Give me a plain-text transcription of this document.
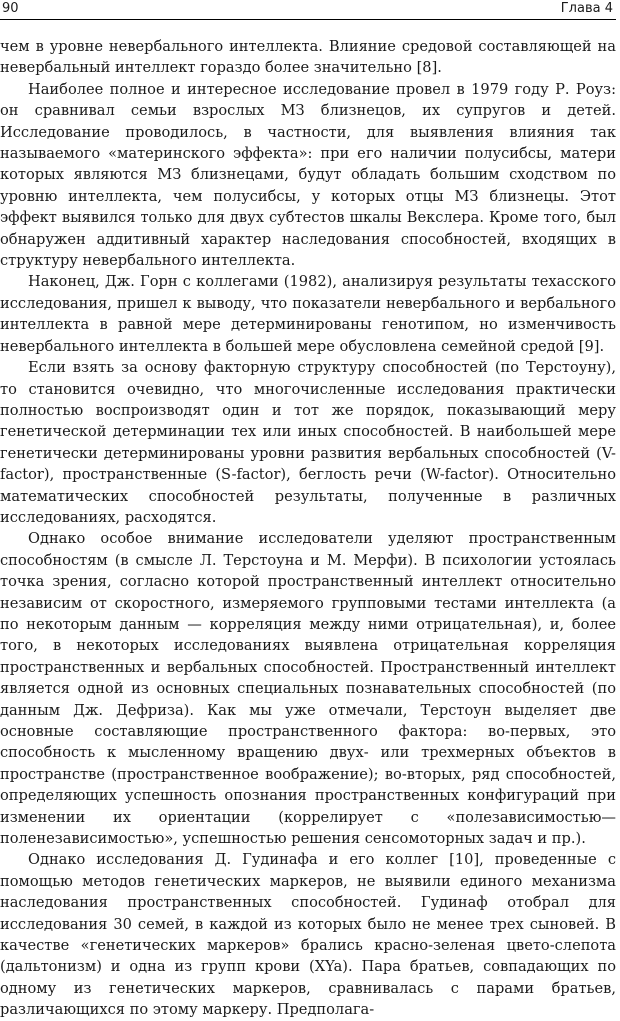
90	Глава 4

чем в уровне невербального интеллекта. Влияние средовой составляющей на невербальный интеллект гораздо более значительно [8].

Наиболее полное и интересное исследование провел в 1979 году Р. Роуз: он сравнивал семьи взрослых МЗ близнецов, их супругов и детей. Исследование проводилось, в частности, для выявления влияния так называемого «материнского эффекта»: при его наличии полусибсы, матери которых являются МЗ близнецами, будут обладать большим сходством по уровню интеллекта, чем полусибсы, у которых отцы МЗ близнецы. Этот эффект выявился только для двух субтестов шкалы Векслера. Кроме того, был обнаружен аддитивный характер наследования способностей, входящих в структуру невербального интеллекта.

Наконец, Дж. Горн с коллегами (1982), анализируя результаты техасского исследования, пришел к выводу, что показатели невербального и вербального интеллекта в равной мере детерминированы генотипом, но изменчивость невербального интеллекта в большей мере обусловлена семейной средой [9].

Если взять за основу факторную структуру способностей (по Терстоуну), то становится очевидно, что многочисленные исследования практически полностью воспроизводят один и тот же порядок, показывающий меру генетической детерминации тех или иных способностей. В наибольшей мере генетически детерминированы уровни развития вербальных способностей (V-factor), пространственные (S-factor), беглость речи (W-factor). Относительно математических способностей результаты, полученные в различных исследованиях, расходятся.

Однако особое внимание исследователи уделяют пространственным способностям (в смысле Л. Терстоуна и М. Мерфи). В психологии устоялась точка зрения, согласно которой пространственный интеллект относительно независим от скоростного, измеряемого групповыми тестами интеллекта (а по некоторым данным — корреляция между ними отрицательная), и, более того, в некоторых исследованиях выявлена отрицательная корреляция пространственных и вербальных способностей. Пространственный интеллект является одной из основных специальных познавательных способностей (по данным Дж. Дефриза). Как мы уже отмечали, Терстоун выделяет две основные составляющие пространственного фактора: во-первых, это способность к мысленному вращению двух- или трехмерных объектов в пространстве (пространственное воображение); во-вторых, ряд способностей, определяющих успешность опознания пространственных конфигураций при изменении их ориентации (коррелирует с «полезависимостью—поленезависимостью», успешностью решения сенсомоторных задач и пр.).

Однако исследования Д. Гудинафа и его коллег [10], проведенные с помощью методов генетических маркеров, не выявили единого механизма наследования пространственных способностей. Гудинаф отобрал для исследования 30 семей, в каждой из которых было не менее трех сыновей. В качестве «генетических маркеров» брались красно-зеленая цвето-слепота (дальтонизм) и одна из групп крови (XYa). Пара братьев, совпадающих по одному из генетических маркеров, сравнивалась с парами братьев, различающихся по этому маркеру. Предполага-
